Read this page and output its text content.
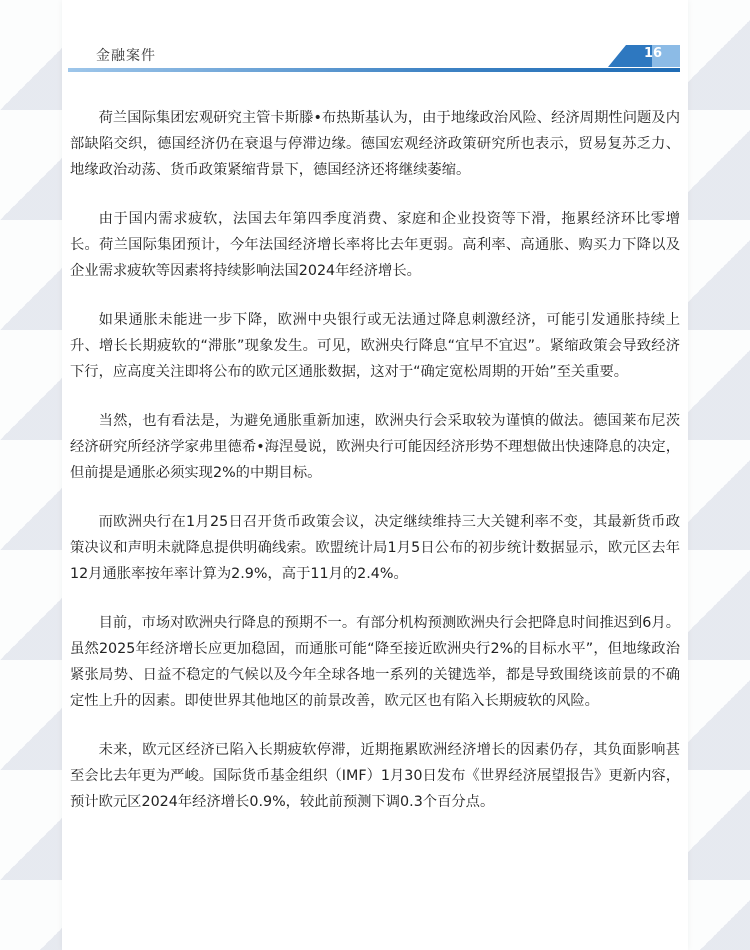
金融案件	16

荷兰国际集团宏观研究主管卡斯滕•布热斯基认为，由于地缘政治风险、经济周期性问题及内部缺陷交织，德国经济仍在衰退与停滞边缘。德国宏观经济政策研究所也表示，贸易复苏乏力、地缘政治动荡、货币政策紧缩背景下，德国经济还将继续萎缩。

由于国内需求疲软，法国去年第四季度消费、家庭和企业投资等下滑，拖累经济环比零增长。荷兰国际集团预计，今年法国经济增长率将比去年更弱。高利率、高通胀、购买力下降以及企业需求疲软等因素将持续影响法国2024年经济增长。

如果通胀未能进一步下降，欧洲中央银行或无法通过降息刺激经济，可能引发通胀持续上升、增长长期疲软的“滞胀”现象发生。可见，欧洲央行降息“宜早不宜迟”。紧缩政策会导致经济下行，应高度关注即将公布的欧元区通胀数据，这对于“确定宽松周期的开始”至关重要。

当然，也有看法是，为避免通胀重新加速，欧洲央行会采取较为谨慎的做法。德国莱布尼茨经济研究所经济学家弗里德希•海涅曼说，欧洲央行可能因经济形势不理想做出快速降息的决定，但前提是通胀必须实现2%的中期目标。

而欧洲央行在1月25日召开货币政策会议，决定继续维持三大关键利率不变，其最新货币政策决议和声明未就降息提供明确线索。欧盟统计局1月5日公布的初步统计数据显示，欧元区去年12月通胀率按年率计算为2.9%，高于11月的2.4%。

目前，市场对欧洲央行降息的预期不一。有部分机构预测欧洲央行会把降息时间推迟到6月。虽然2025年经济增长应更加稳固，而通胀可能“降至接近欧洲央行2%的目标水平”，但地缘政治紧张局势、日益不稳定的气候以及今年全球各地一系列的关键选举，都是导致围绕该前景的不确定性上升的因素。即使世界其他地区的前景改善，欧元区也有陷入长期疲软的风险。

未来，欧元区经济已陷入长期疲软停滞，近期拖累欧洲经济增长的因素仍存，其负面影响甚至会比去年更为严峻。国际货币基金组织（IMF）1月30日发布《世界经济展望报告》更新内容，预计欧元区2024年经济增长0.9%，较此前预测下调0.3个百分点。
